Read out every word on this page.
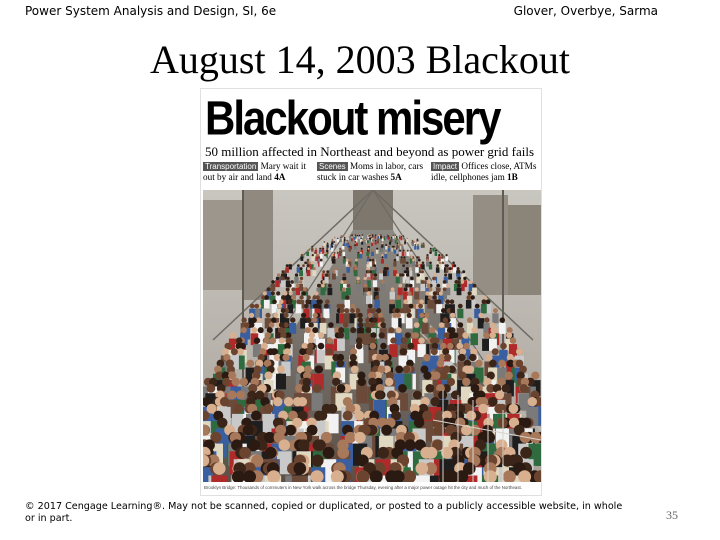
Power System Analysis and Design, SI, 6e	Glover, Overbye, Sarma
August 14, 2003 Blackout
Blackout misery
50 million affected in Northeast and beyond as power grid fails
Transportation Mary wait it out by air and land 4A
Scenes Moms in labor, cars stuck in car washes 5A
Impact Offices close, ATMs idle, cellphones jam 1B
Brooklyn Bridge: Thousands of commuters in New York walk across the bridge Thursday, evening after a major power outage hit the city and much of the Northeast.
© 2017 Cengage Learning®. May not be scanned, copied or duplicated, or posted to a publicly accessible website, in whole or in part.	35
